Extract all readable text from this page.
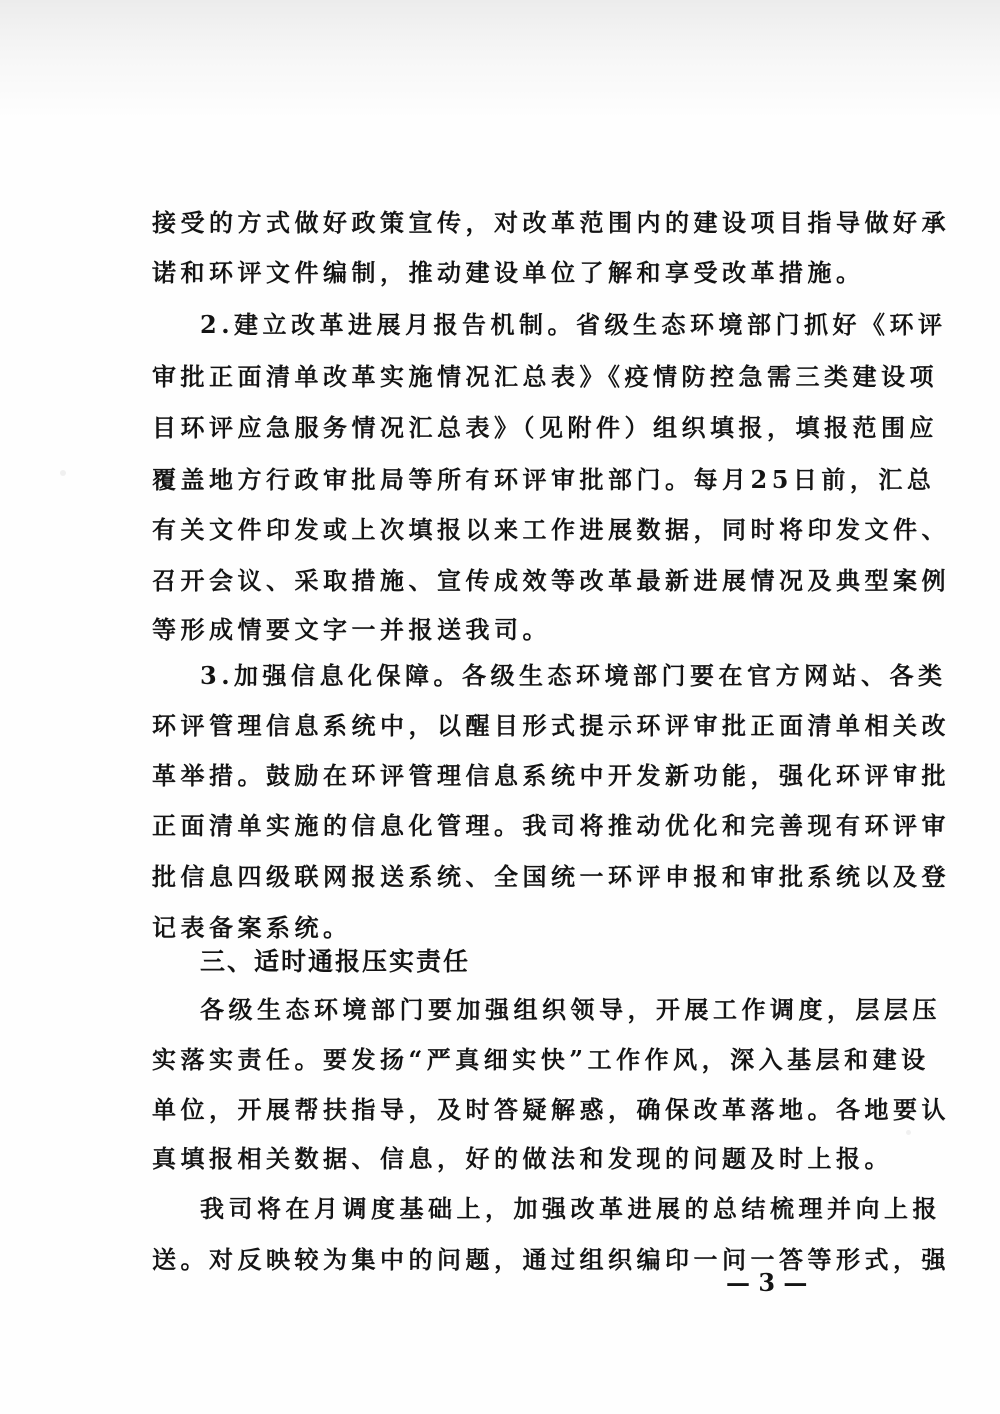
接受的方式做好政策宣传，对改革范围内的建设项目指导做好承
诺和环评文件编制，推动建设单位了解和享受改革措施。
2.建立改革进展月报告机制。省级生态环境部门抓好《环评
审批正面清单改革实施情况汇总表》《疫情防控急需三类建设项
目环评应急服务情况汇总表》（见附件）组织填报，填报范围应
覆盖地方行政审批局等所有环评审批部门。每月25日前，汇总
有关文件印发或上次填报以来工作进展数据，同时将印发文件、
召开会议、采取措施、宣传成效等改革最新进展情况及典型案例
等形成情要文字一并报送我司。
3.加强信息化保障。各级生态环境部门要在官方网站、各类
环评管理信息系统中，以醒目形式提示环评审批正面清单相关改
革举措。鼓励在环评管理信息系统中开发新功能，强化环评审批
正面清单实施的信息化管理。我司将推动优化和完善现有环评审
批信息四级联网报送系统、全国统一环评申报和审批系统以及登
记表备案系统。
三、适时通报压实责任
各级生态环境部门要加强组织领导，开展工作调度，层层压
实落实责任。要发扬“严真细实快”工作作风，深入基层和建设
单位，开展帮扶指导，及时答疑解惑，确保改革落地。各地要认
真填报相关数据、信息，好的做法和发现的问题及时上报。
我司将在月调度基础上，加强改革进展的总结梳理并向上报
送。对反映较为集中的问题，通过组织编印一问一答等形式，强
— 3 —
